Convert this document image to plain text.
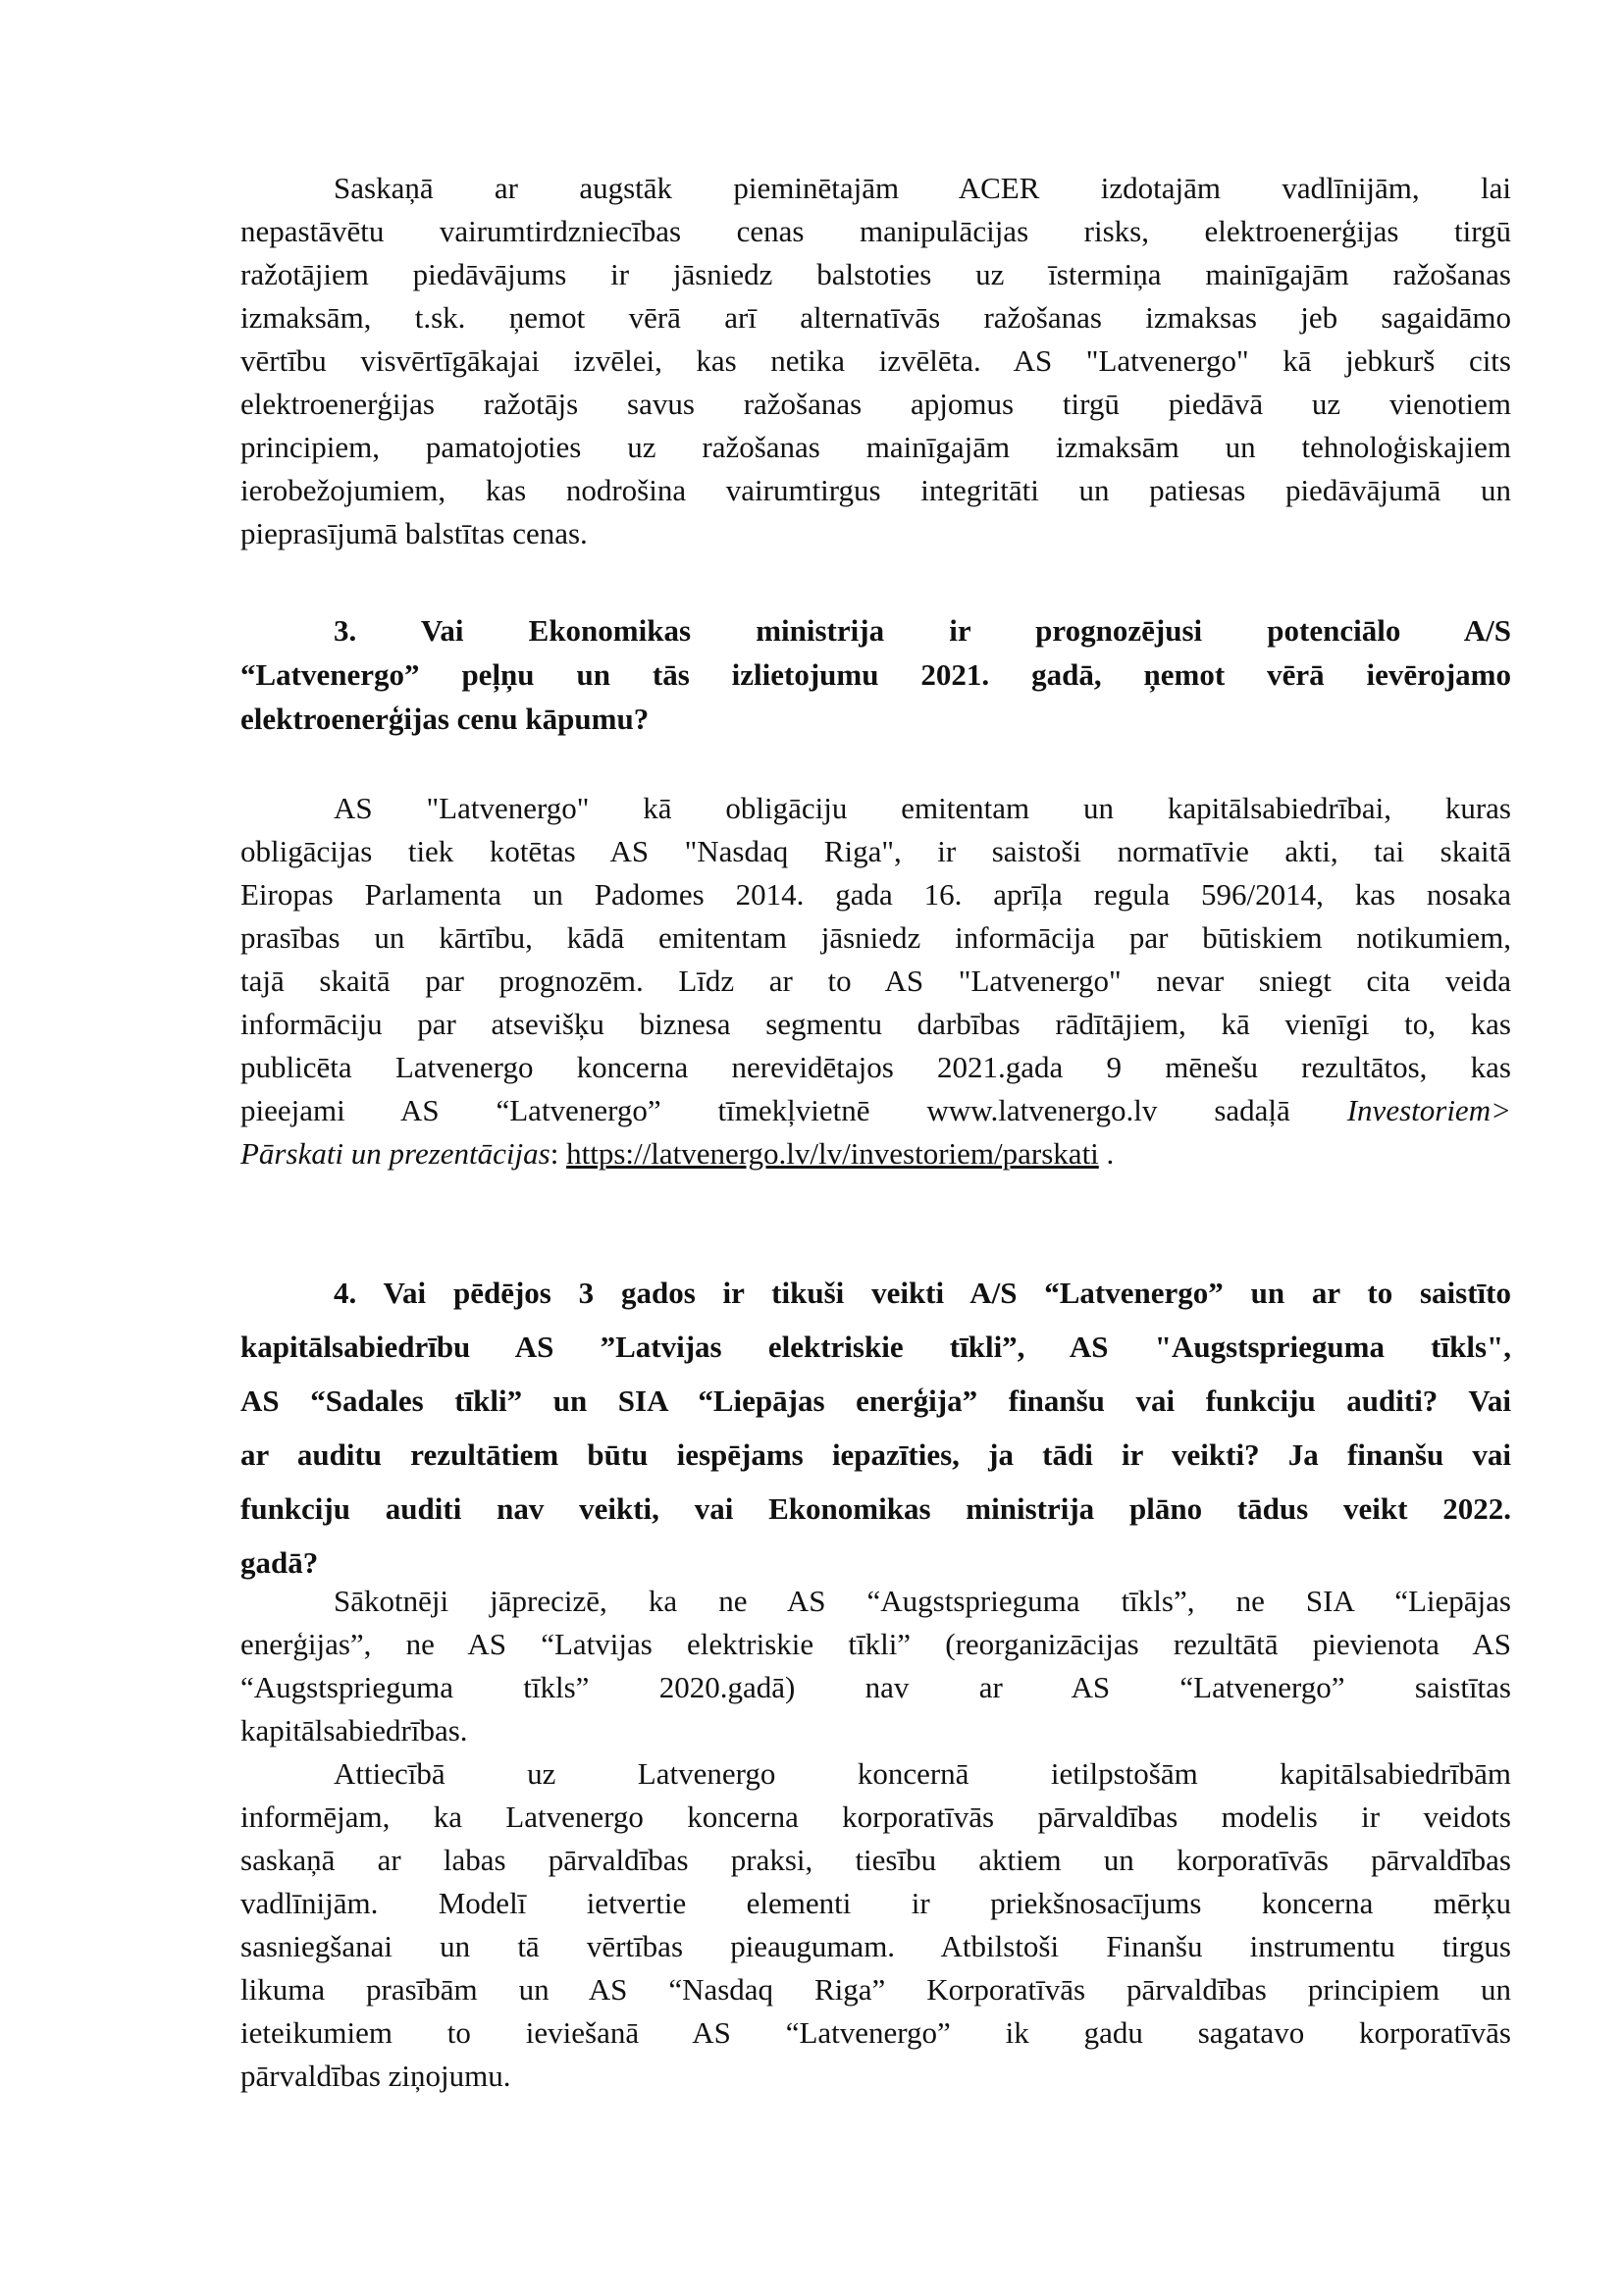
Saskaņā ar augstāk pieminētajām ACER izdotajām vadlīnijām, lai
nepastāvētu vairumtirdzniecības cenas manipulācijas risks, elektroenerģijas tirgū
ražotājiem piedāvājums ir jāsniedz balstoties uz īstermiņa mainīgajām ražošanas
izmaksām, t.sk. ņemot vērā arī alternatīvās ražošanas izmaksas jeb sagaidāmo
vērtību visvērtīgākajai izvēlei, kas netika izvēlēta. AS "Latvenergo" kā jebkurš cits
elektroenerģijas ražotājs savus ražošanas apjomus tirgū piedāvā uz vienotiem
principiem, pamatojoties uz ražošanas mainīgajām izmaksām un tehnoloģiskajiem
ierobežojumiem, kas nodrošina vairumtirgus integritāti un patiesas piedāvājumā un
pieprasījumā balstītas cenas.
3. Vai Ekonomikas ministrija ir prognozējusi potenciālo A/S
“Latvenergo” peļņu un tās izlietojumu 2021. gadā, ņemot vērā ievērojamo
elektroenerģijas cenu kāpumu?
AS "Latvenergo" kā obligāciju emitentam un kapitālsabiedrībai, kuras
obligācijas tiek kotētas AS "Nasdaq Riga", ir saistoši normatīvie akti, tai skaitā
Eiropas Parlamenta un Padomes 2014. gada 16. aprīļa regula 596/2014, kas nosaka
prasības un kārtību, kādā emitentam jāsniedz informācija par būtiskiem notikumiem,
tajā skaitā par prognozēm. Līdz ar to AS "Latvenergo" nevar sniegt cita veida
informāciju par atsevišķu biznesa segmentu darbības rādītājiem, kā vienīgi to, kas
publicēta Latvenergo koncerna nerevidētajos 2021.gada 9 mēnešu rezultātos, kas
pieejami AS “Latvenergo” tīmekļvietnē www.latvenergo.lv sadaļā Investoriem>
Pārskati un prezentācijas: https://latvenergo.lv/lv/investoriem/parskati .
4. Vai pēdējos 3 gados ir tikuši veikti A/S “Latvenergo” un ar to saistīto
kapitālsabiedrību AS ”Latvijas elektriskie tīkli”, AS "Augstsprieguma tīkls",
AS “Sadales tīkli” un SIA “Liepājas enerģija” finanšu vai funkciju auditi? Vai
ar auditu rezultātiem būtu iespējams iepazīties, ja tādi ir veikti? Ja finanšu vai
funkciju auditi nav veikti, vai Ekonomikas ministrija plāno tādus veikt 2022.
gadā?
Sākotnēji jāprecizē, ka ne AS “Augstsprieguma tīkls”, ne SIA “Liepājas
enerģijas”, ne AS “Latvijas elektriskie tīkli” (reorganizācijas rezultātā pievienota AS
“Augstsprieguma tīkls” 2020.gadā) nav ar AS “Latvenergo” saistītas
kapitālsabiedrības.
Attiecībā uz Latvenergo koncernā ietilpstošām kapitālsabiedrībām
informējam, ka Latvenergo koncerna korporatīvās pārvaldības modelis ir veidots
saskaņā ar labas pārvaldības praksi, tiesību aktiem un korporatīvās pārvaldības
vadlīnijām. Modelī ietvertie elementi ir priekšnosacījums koncerna mērķu
sasniegšanai un tā vērtības pieaugumam. Atbilstoši Finanšu instrumentu tirgus
likuma prasībām un AS “Nasdaq Riga” Korporatīvās pārvaldības principiem un
ieteikumiem to ieviešanā AS “Latvenergo” ik gadu sagatavo korporatīvās
pārvaldības ziņojumu.
